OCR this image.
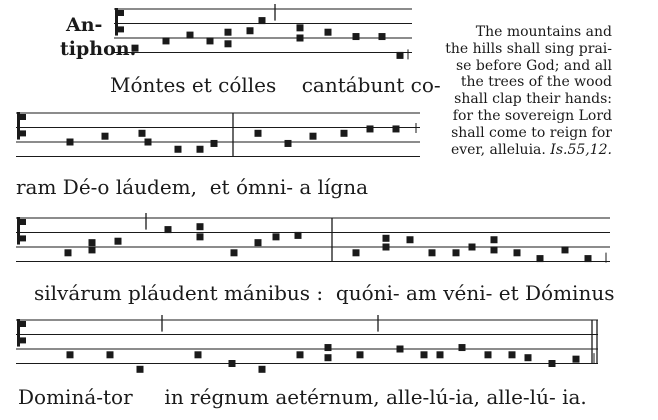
An-
tiphon.
Móntes et cólles    cantábunt co-
ram Dé-o láudem,  et ómni- a lígna
silvárum pláudent mánibus :  quóni- am véni- et Dóminus
Dominá-tor     in régnum aetérnum, alle-lú-ia, alle-lú- ia.
The mountains and
the hills shall sing prai-
se before God; and all
the trees of the wood
shall clap their hands:
for the sovereign Lord
shall come to reign for
ever, alleluia. Is.55,12.
